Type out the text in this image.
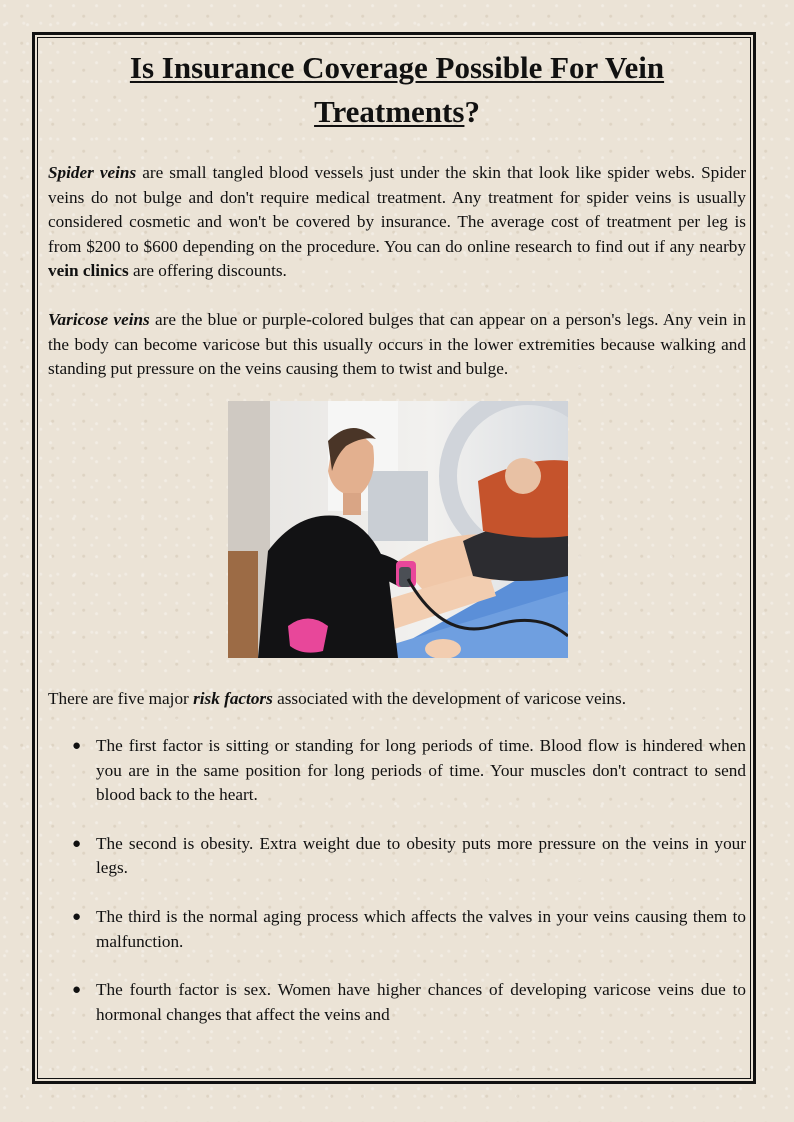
Is Insurance Coverage Possible For Vein
Treatments?

Spider veins are small tangled blood vessels just under the skin that look like spider webs. Spider veins do not bulge and don't require medical treatment. Any treatment for spider veins is usually considered cosmetic and won't be covered by insurance. The average cost of treatment per leg is from $200 to $600 depending on the procedure. You can do online research to find out if any nearby vein clinics are offering discounts.

Varicose veins are the blue or purple-colored bulges that can appear on a person's legs. Any vein in the body can become varicose but this usually occurs in the lower extremities because walking and standing put pressure on the veins causing them to twist and bulge.

There are five major risk factors associated with the development of varicose veins.

● The first factor is sitting or standing for long periods of time. Blood flow is hindered when you are in the same position for long periods of time. Your muscles don't contract to send blood back to the heart.
● The second is obesity. Extra weight due to obesity puts more pressure on the veins in your legs.
● The third is the normal aging process which affects the valves in your veins causing them to malfunction.
● The fourth factor is sex. Women have higher chances of developing varicose veins due to hormonal changes that affect the veins and
